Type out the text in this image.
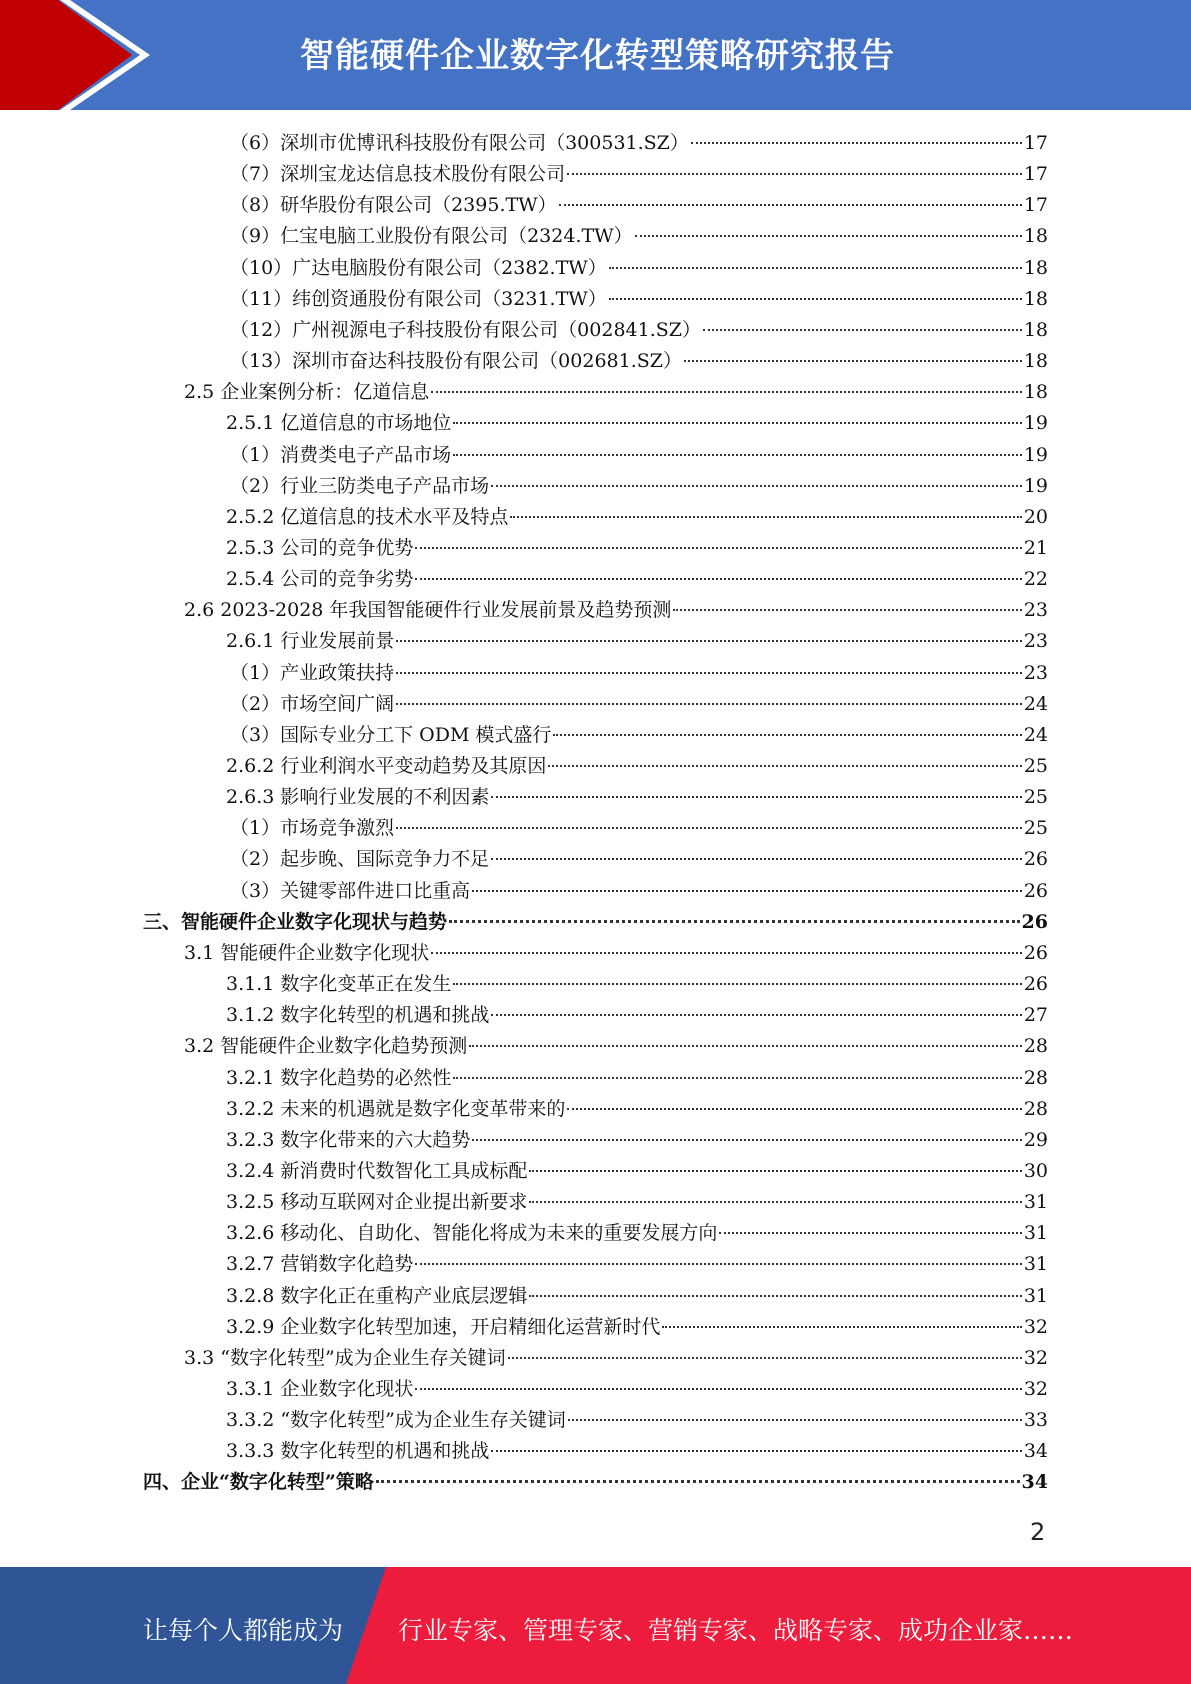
智能硬件企业数字化转型策略研究报告
（6）深圳市优博讯科技股份有限公司（300531.SZ）	17
（7）深圳宝龙达信息技术股份有限公司	17
（8）研华股份有限公司（2395.TW）	17
（9）仁宝电脑工业股份有限公司（2324.TW）	18
（10）广达电脑股份有限公司（2382.TW）	18
（11）纬创资通股份有限公司（3231.TW）	18
（12）广州视源电子科技股份有限公司（002841.SZ）	18
（13）深圳市奋达科技股份有限公司（002681.SZ）	18
2.5 企业案例分析：亿道信息	18
2.5.1 亿道信息的市场地位	19
（1）消费类电子产品市场	19
（2）行业三防类电子产品市场	19
2.5.2 亿道信息的技术水平及特点	20
2.5.3 公司的竞争优势	21
2.5.4 公司的竞争劣势	22
2.6 2023-2028 年我国智能硬件行业发展前景及趋势预测	23
2.6.1 行业发展前景	23
（1）产业政策扶持	23
（2）市场空间广阔	24
（3）国际专业分工下 ODM 模式盛行	24
2.6.2 行业利润水平变动趋势及其原因	25
2.6.3 影响行业发展的不利因素	25
（1）市场竞争激烈	25
（2）起步晚、国际竞争力不足	26
（3）关键零部件进口比重高	26
三、智能硬件企业数字化现状与趋势	26
3.1 智能硬件企业数字化现状	26
3.1.1 数字化变革正在发生	26
3.1.2 数字化转型的机遇和挑战	27
3.2 智能硬件企业数字化趋势预测	28
3.2.1 数字化趋势的必然性	28
3.2.2 未来的机遇就是数字化变革带来的	28
3.2.3 数字化带来的六大趋势	29
3.2.4 新消费时代数智化工具成标配	30
3.2.5 移动互联网对企业提出新要求	31
3.2.6 移动化、自助化、智能化将成为未来的重要发展方向	31
3.2.7 营销数字化趋势	31
3.2.8 数字化正在重构产业底层逻辑	31
3.2.9 企业数字化转型加速，开启精细化运营新时代	32
3.3 “数字化转型”成为企业生存关键词	32
3.3.1 企业数字化现状	32
3.3.2 “数字化转型”成为企业生存关键词	33
3.3.3 数字化转型的机遇和挑战	34
四、企业“数字化转型”策略	34
2
让每个人都能成为 行业专家、管理专家、营销专家、战略专家、成功企业家……
